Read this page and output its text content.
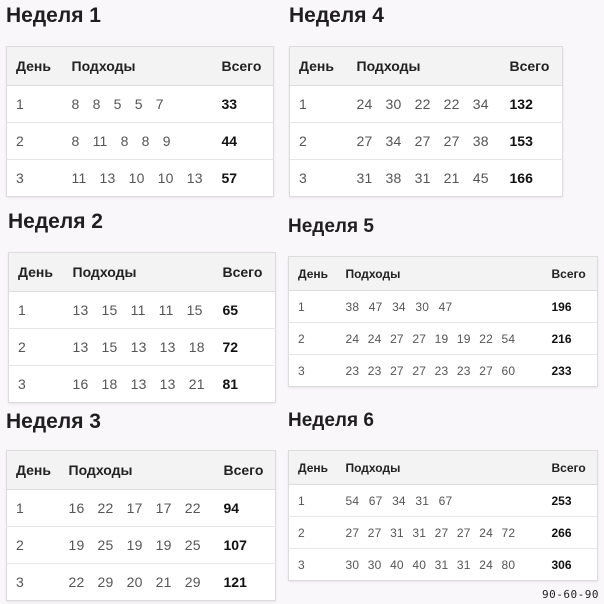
Неделя 1
День	Подходы	Всего
1	8 8 5 5 7	33
2	8 11 8 8 9	44
3	11 13 10 10 13	57
Неделя 2
День	Подходы	Всего
1	13 15 11 11 15	65
2	13 15 13 13 18	72
3	16 18 13 13 21	81
Неделя 3
День	Подходы	Всего
1	16 22 17 17 22	94
2	19 25 19 19 25	107
3	22 29 20 21 29	121
Неделя 4
День	Подходы	Всего
1	24 30 22 22 34	132
2	27 34 27 27 38	153
3	31 38 31 21 45	166
Неделя 5
День	Подходы	Всего
1	38 47 34 30 47	196
2	24 24 27 27 19 19 22 54	216
3	23 23 27 27 23 23 27 60	233
Неделя 6
День	Подходы	Всего
1	54 67 34 31 67	253
2	27 27 31 31 27 27 24 72	266
3	30 30 40 40 31 31 24 80	306
90-60-90
